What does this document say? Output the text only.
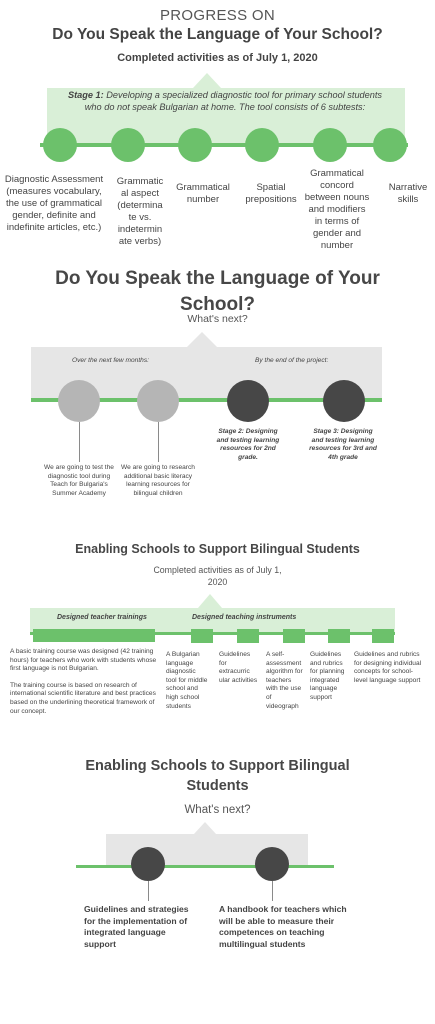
PROGRESS ON
Do You Speak the Language of Your School?
Completed activities as of July 1, 2020
Stage 1: Developing a specialized diagnostic tool for primary school students who do not speak Bulgarian at home. The tool consists of 6 subtests:
Diagnostic Assessment (measures vocabulary, the use of grammatical gender, definite and indefinite articles, etc.)
Grammatic al aspect (determina te vs. indetermin ate verbs)
Grammatical number
Spatial prepositions
Grammatical concord between nouns and modifiers in terms of gender and number
Narrative skills
Do You Speak the Language of Your
School?
What's next?
Over the next few months:	By the end of the project:
We are going to test the diagnostic tool during Teach for Bulgaria's Summer Academy
We are going to research additional basic literacy learning resources for bilingual children
Stage 2: Designing and testing learning resources for 2nd grade.
Stage 3: Designing and testing learning resources for 3rd and 4th grade
Enabling Schools to Support Bilingual Students
Completed activities as of July 1,
2020
Designed teacher trainings	Designed teaching instruments
A basic training course was designed (42 training hours) for teachers who work with students whose first language is not Bulgarian.
The training course is based on research of international scientific literature and best practices based on the underlining theoretical framework of our concept.
A Bulgarian language diagnostic tool for middle school and high school students
Guidelines for extracurric ular activities
A self-assessment algorithm for teachers with the use of videograph
Guidelines and rubrics for planning integrated language support
Guidelines and rubrics for designing individual concepts for school-level language support
Enabling Schools to Support Bilingual
Students
What's next?
Guidelines and strategies for the implementation of integrated language support
A handbook for teachers which will be able to measure their competences on teaching multilingual students
